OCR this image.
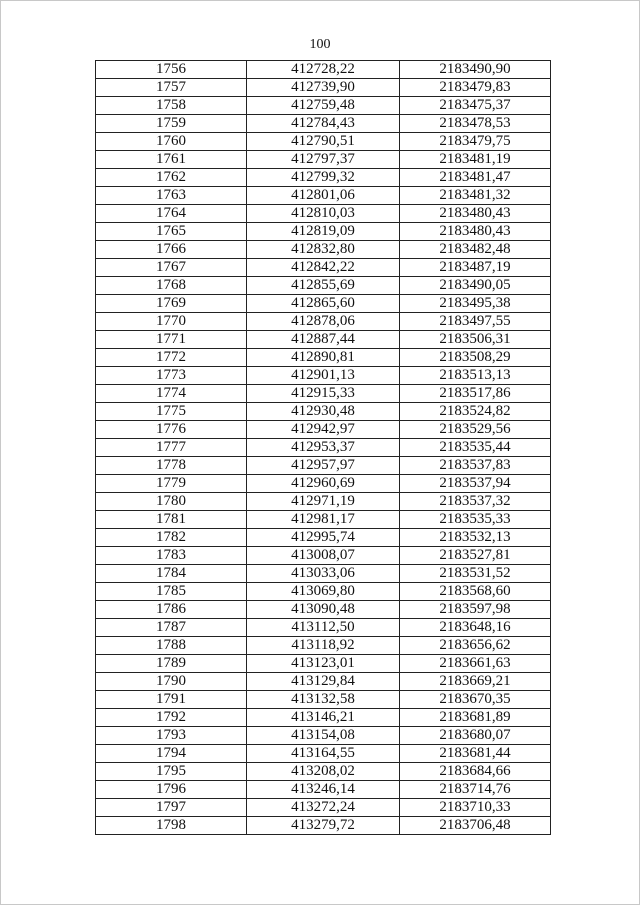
100
1756	412728,22	2183490,90
1757	412739,90	2183479,83
1758	412759,48	2183475,37
1759	412784,43	2183478,53
1760	412790,51	2183479,75
1761	412797,37	2183481,19
1762	412799,32	2183481,47
1763	412801,06	2183481,32
1764	412810,03	2183480,43
1765	412819,09	2183480,43
1766	412832,80	2183482,48
1767	412842,22	2183487,19
1768	412855,69	2183490,05
1769	412865,60	2183495,38
1770	412878,06	2183497,55
1771	412887,44	2183506,31
1772	412890,81	2183508,29
1773	412901,13	2183513,13
1774	412915,33	2183517,86
1775	412930,48	2183524,82
1776	412942,97	2183529,56
1777	412953,37	2183535,44
1778	412957,97	2183537,83
1779	412960,69	2183537,94
1780	412971,19	2183537,32
1781	412981,17	2183535,33
1782	412995,74	2183532,13
1783	413008,07	2183527,81
1784	413033,06	2183531,52
1785	413069,80	2183568,60
1786	413090,48	2183597,98
1787	413112,50	2183648,16
1788	413118,92	2183656,62
1789	413123,01	2183661,63
1790	413129,84	2183669,21
1791	413132,58	2183670,35
1792	413146,21	2183681,89
1793	413154,08	2183680,07
1794	413164,55	2183681,44
1795	413208,02	2183684,66
1796	413246,14	2183714,76
1797	413272,24	2183710,33
1798	413279,72	2183706,48
